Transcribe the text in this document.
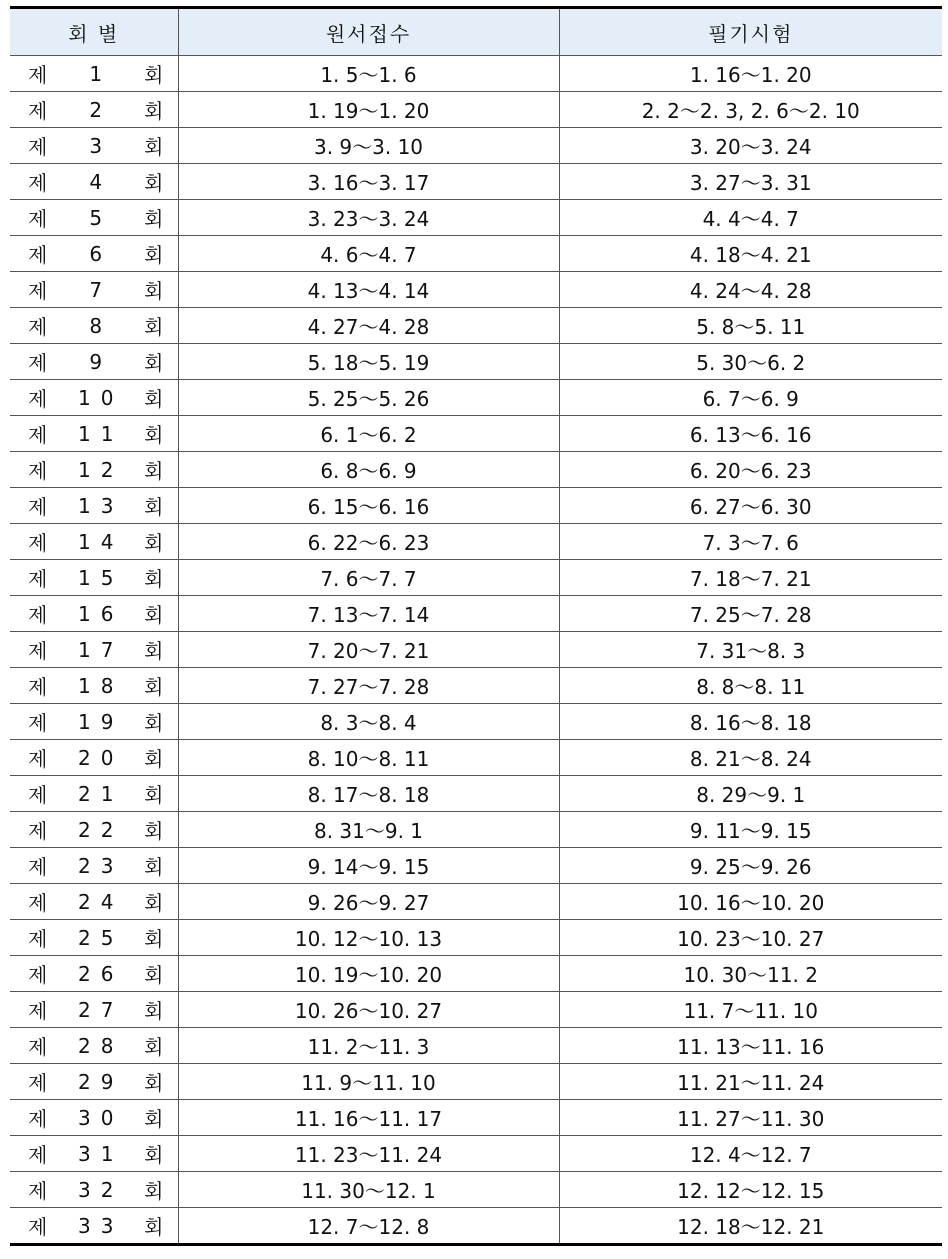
회 별	원서접수	필기시험

제 1 회	1. 5～1. 6	1. 16～1. 20

제 2 회	1. 19～1. 20	2. 2～2. 3, 2. 6～2. 10

제 3 회	3. 9～3. 10	3. 20～3. 24

제 4 회	3. 16～3. 17	3. 27～3. 31

제 5 회	3. 23～3. 24	4. 4～4. 7

제 6 회	4. 6～4. 7	4. 18～4. 21

제 7 회	4. 13～4. 14	4. 24～4. 28

제 8 회	4. 27～4. 28	5. 8～5. 11

제 9 회	5. 18～5. 19	5. 30～6. 2

제 10 회	5. 25～5. 26	6. 7～6. 9

제 11 회	6. 1～6. 2	6. 13～6. 16

제 12 회	6. 8～6. 9	6. 20～6. 23

제 13 회	6. 15～6. 16	6. 27～6. 30

제 14 회	6. 22～6. 23	7. 3～7. 6

제 15 회	7. 6～7. 7	7. 18～7. 21

제 16 회	7. 13～7. 14	7. 25～7. 28

제 17 회	7. 20～7. 21	7. 31～8. 3

제 18 회	7. 27～7. 28	8. 8～8. 11

제 19 회	8. 3～8. 4	8. 16～8. 18

제 20 회	8. 10～8. 11	8. 21～8. 24

제 21 회	8. 17～8. 18	8. 29～9. 1

제 22 회	8. 31～9. 1	9. 11～9. 15

제 23 회	9. 14～9. 15	9. 25～9. 26

제 24 회	9. 26～9. 27	10. 16～10. 20

제 25 회	10. 12～10. 13	10. 23～10. 27

제 26 회	10. 19～10. 20	10. 30～11. 2

제 27 회	10. 26～10. 27	11. 7～11. 10

제 28 회	11. 2～11. 3	11. 13～11. 16

제 29 회	11. 9～11. 10	11. 21～11. 24

제 30 회	11. 16～11. 17	11. 27～11. 30

제 31 회	11. 23～11. 24	12. 4～12. 7

제 32 회	11. 30～12. 1	12. 12～12. 15

제 33 회	12. 7～12. 8	12. 18～12. 21
